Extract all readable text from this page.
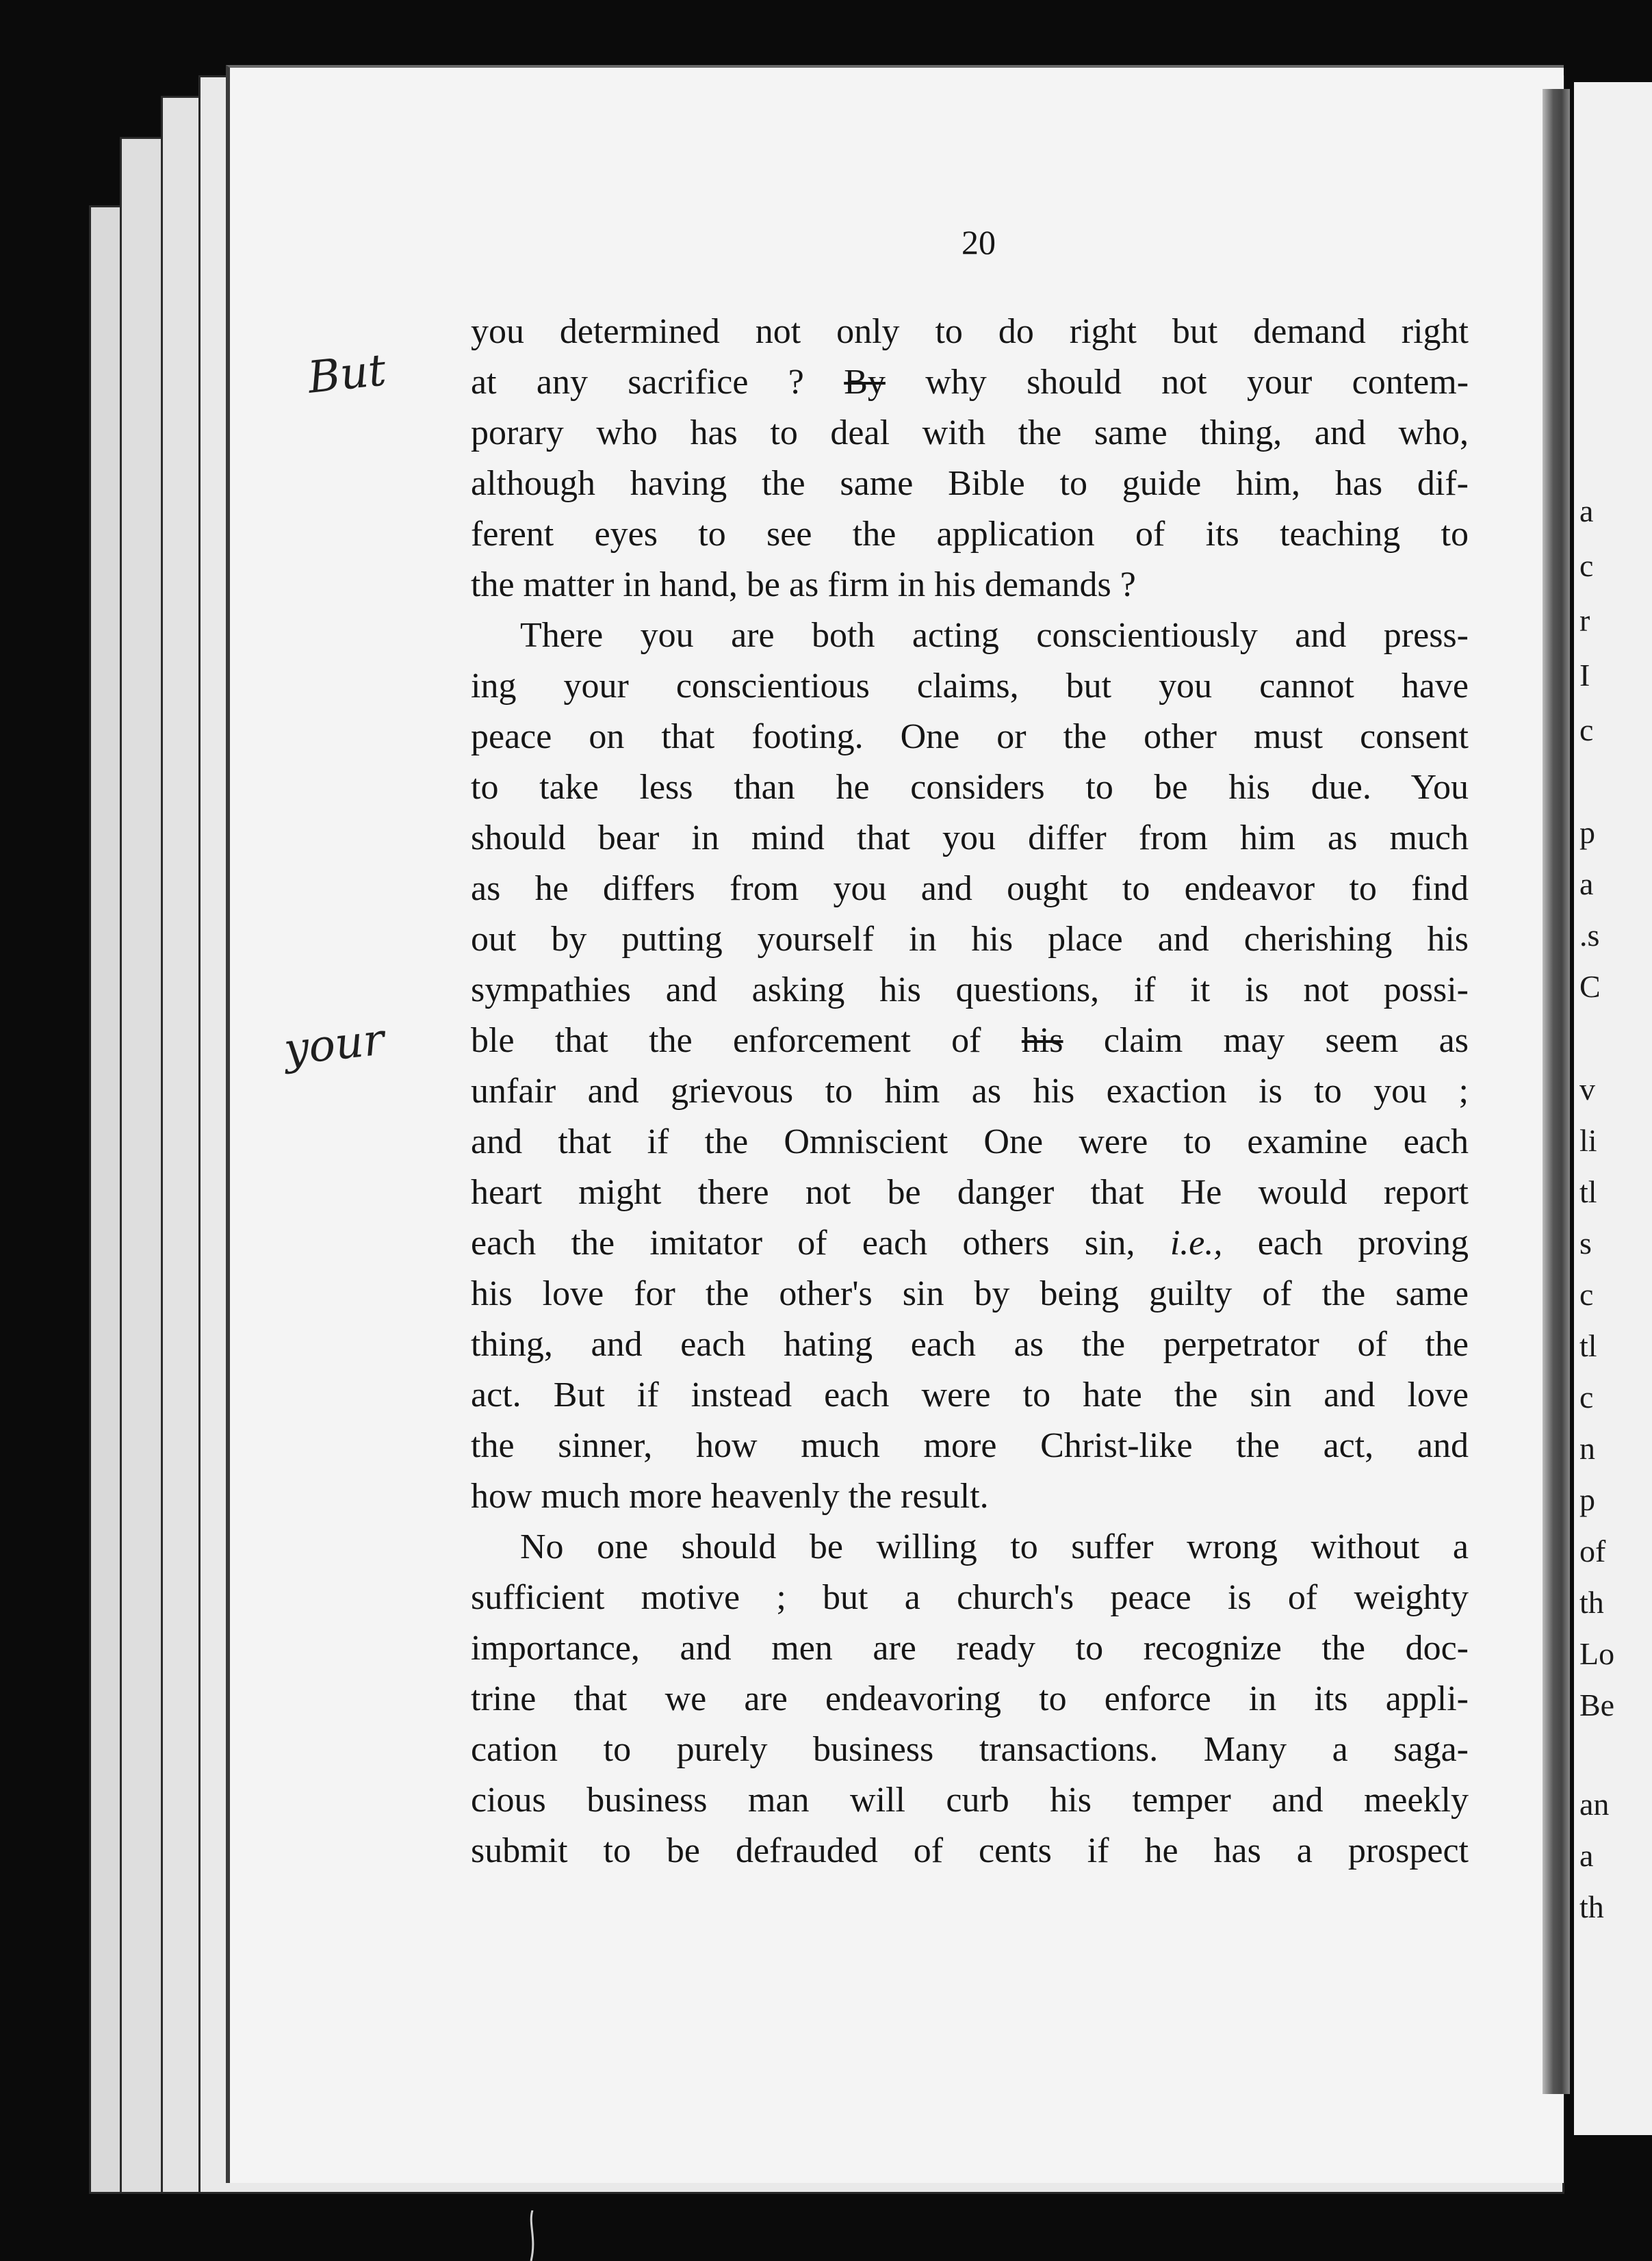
a
c
r
I
c
p
a
.s
C
v
li
tl
s
c
tl
c
n
p
of
th
Lo
Be
an
a
th
20
But
your
you determined not only to do right but demand right
at any sacrifice ? By why should not your contem-
porary who has to deal with the same thing, and who,
although having the same Bible to guide him, has dif-
ferent eyes to see the application of its teaching to
the matter in hand, be as firm in his demands ?
There you are both acting conscientiously and press-
ing your conscientious claims, but you cannot have
peace on that footing. One or the other must consent
to take less than he considers to be his due. You
should bear in mind that you differ from him as much
as he differs from you and ought to endeavor to find
out by putting yourself in his place and cherishing his
sympathies and asking his questions, if it is not possi-
ble that the enforcement of his claim may seem as
unfair and grievous to him as his exaction is to you ;
and that if the Omniscient One were to examine each
heart might there not be danger that He would report
each the imitator of each others sin, i.e., each proving
his love for the other's sin by being guilty of the same
thing, and each hating each as the perpetrator of the
act. But if instead each were to hate the sin and love
the sinner, how much more Christ-like the act, and
how much more heavenly the result.
No one should be willing to suffer wrong without a
sufficient motive ; but a church's peace is of weighty
importance, and men are ready to recognize the doc-
trine that we are endeavoring to enforce in its appli-
cation to purely business transactions. Many a saga-
cious business man will curb his temper and meekly
submit to be defrauded of cents if he has a prospect
